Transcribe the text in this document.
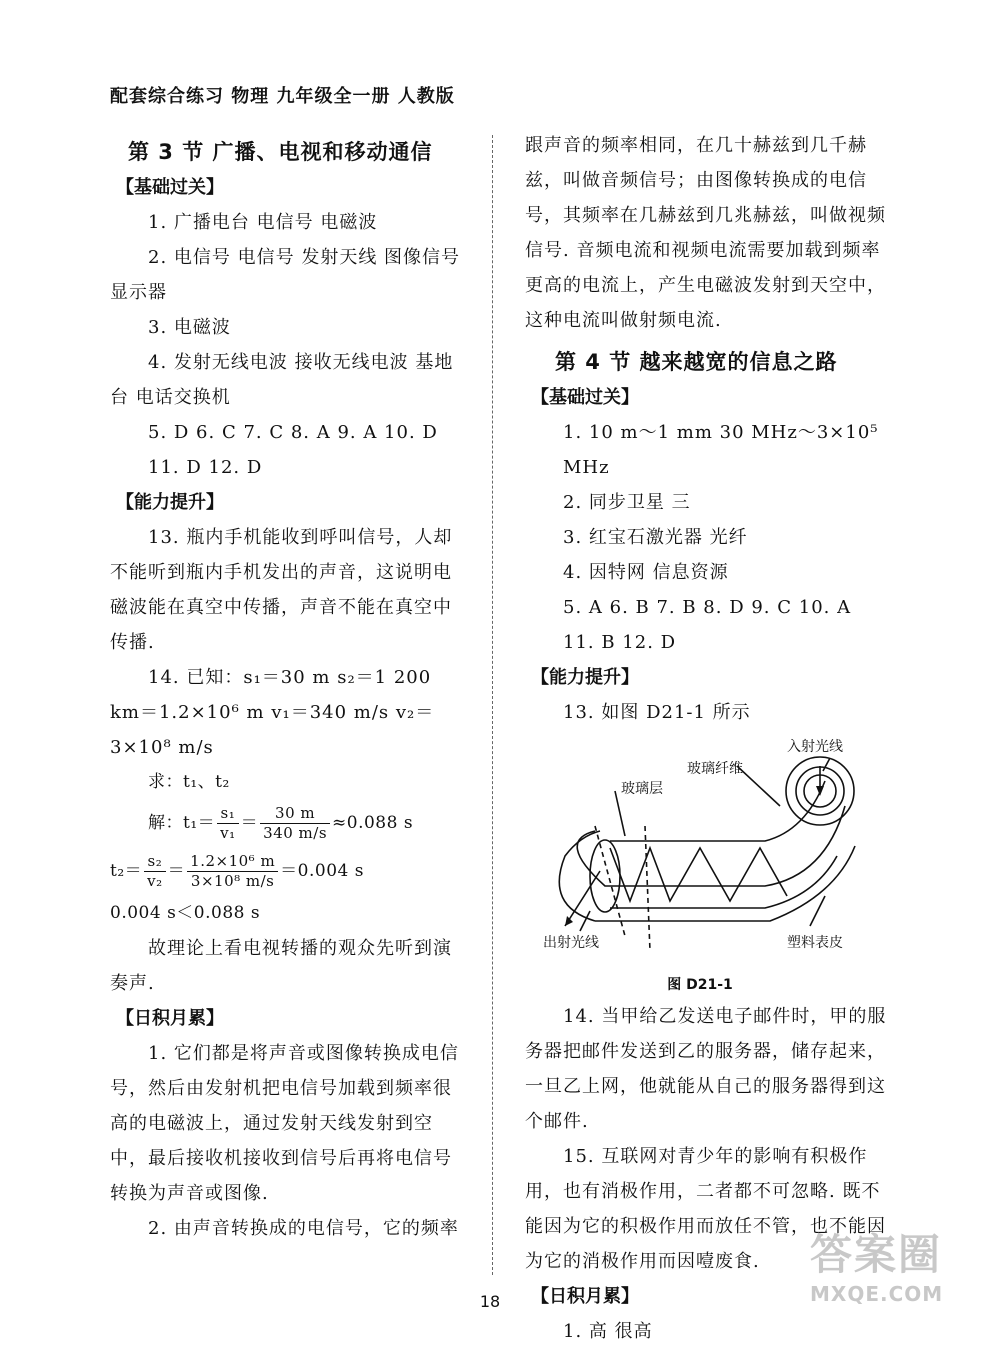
配套综合练习 物理 九年级全一册 人教版
第 3 节 广播、电视和移动通信
【基础过关】

1. 广播电台 电信号 电磁波

2. 电信号 电信号 发射天线 图像信号 显示器

3. 电磁波

4. 发射无线电波 接收无线电波 基地台 电话交换机

5. D 6. C 7. C 8. A 9. A 10. D

11. D 12. D

【能力提升】

13. 瓶内手机能收到呼叫信号，人却不能听到瓶内手机发出的声音，这说明电磁波能在真空中传播，声音不能在真空中传播.

14. 已知：s₁＝30 m s₂＝1 200 km＝1.2×10⁶ m v₁＝340 m/s v₂＝3×10⁸ m/s

求：t₁、t₂

解：$t_1= \frac{\text{s₁}}{\text{v₁}} = \frac{30 m}{340 m/s} \approx 0.088$ s
$t_2= \frac{\text{s₂}}{\text{v₂}} = \frac{\text{1.2×10⁶ m}}{\text{3×10⁸ m/s}} =0.004$ s

0.004 s＜0.088 s

故理论上看电视转播的观众先听到演奏声.

【日积月累】

1. 它们都是将声音或图像转换成电信号，然后由发射机把电信号加载到频率很高的电磁波上，通过发射天线发射到空中，最后接收机接收到信号后再将电信号转换为声音或图像.

2. 由声音转换成的电信号，它的频率

跟声音的频率相同，在几十赫兹到几千赫兹，叫做音频信号；由图像转换成的电信号，其频率在几赫兹到几兆赫兹，叫做视频信号. 音频电流和视频电流需要加载到频率更高的电流上，产生电磁波发射到天空中，这种电流叫做射频电流.

第 4 节 越来越宽的信息之路
【基础过关】

1. 10 m～1 mm 30 MHz～3×10⁵ MHz

2. 同步卫星 三

3. 红宝石激光器 光纤

4. 因特网 信息资源

5. A 6. B 7. B 8. D 9. C 10. A

11. B 12. D

【能力提升】

13. 如图 D21-1 所示

入射光线
玻璃纤维
玻璃层
出射光线	塑料表皮
图 D21-1

14. 当甲给乙发送电子邮件时，甲的服务器把邮件发送到乙的服务器，储存起来，一旦乙上网，他就能从自己的服务器得到这个邮件.

15. 互联网对青少年的影响有积极作用，也有消极作用，二者都不可忽略. 既不能因为它的积极作用而放任不管，也不能因为它的消极作用而因噎废食.

【日积月累】

1. 高 很高

18
答案圈
MXQE.COM
